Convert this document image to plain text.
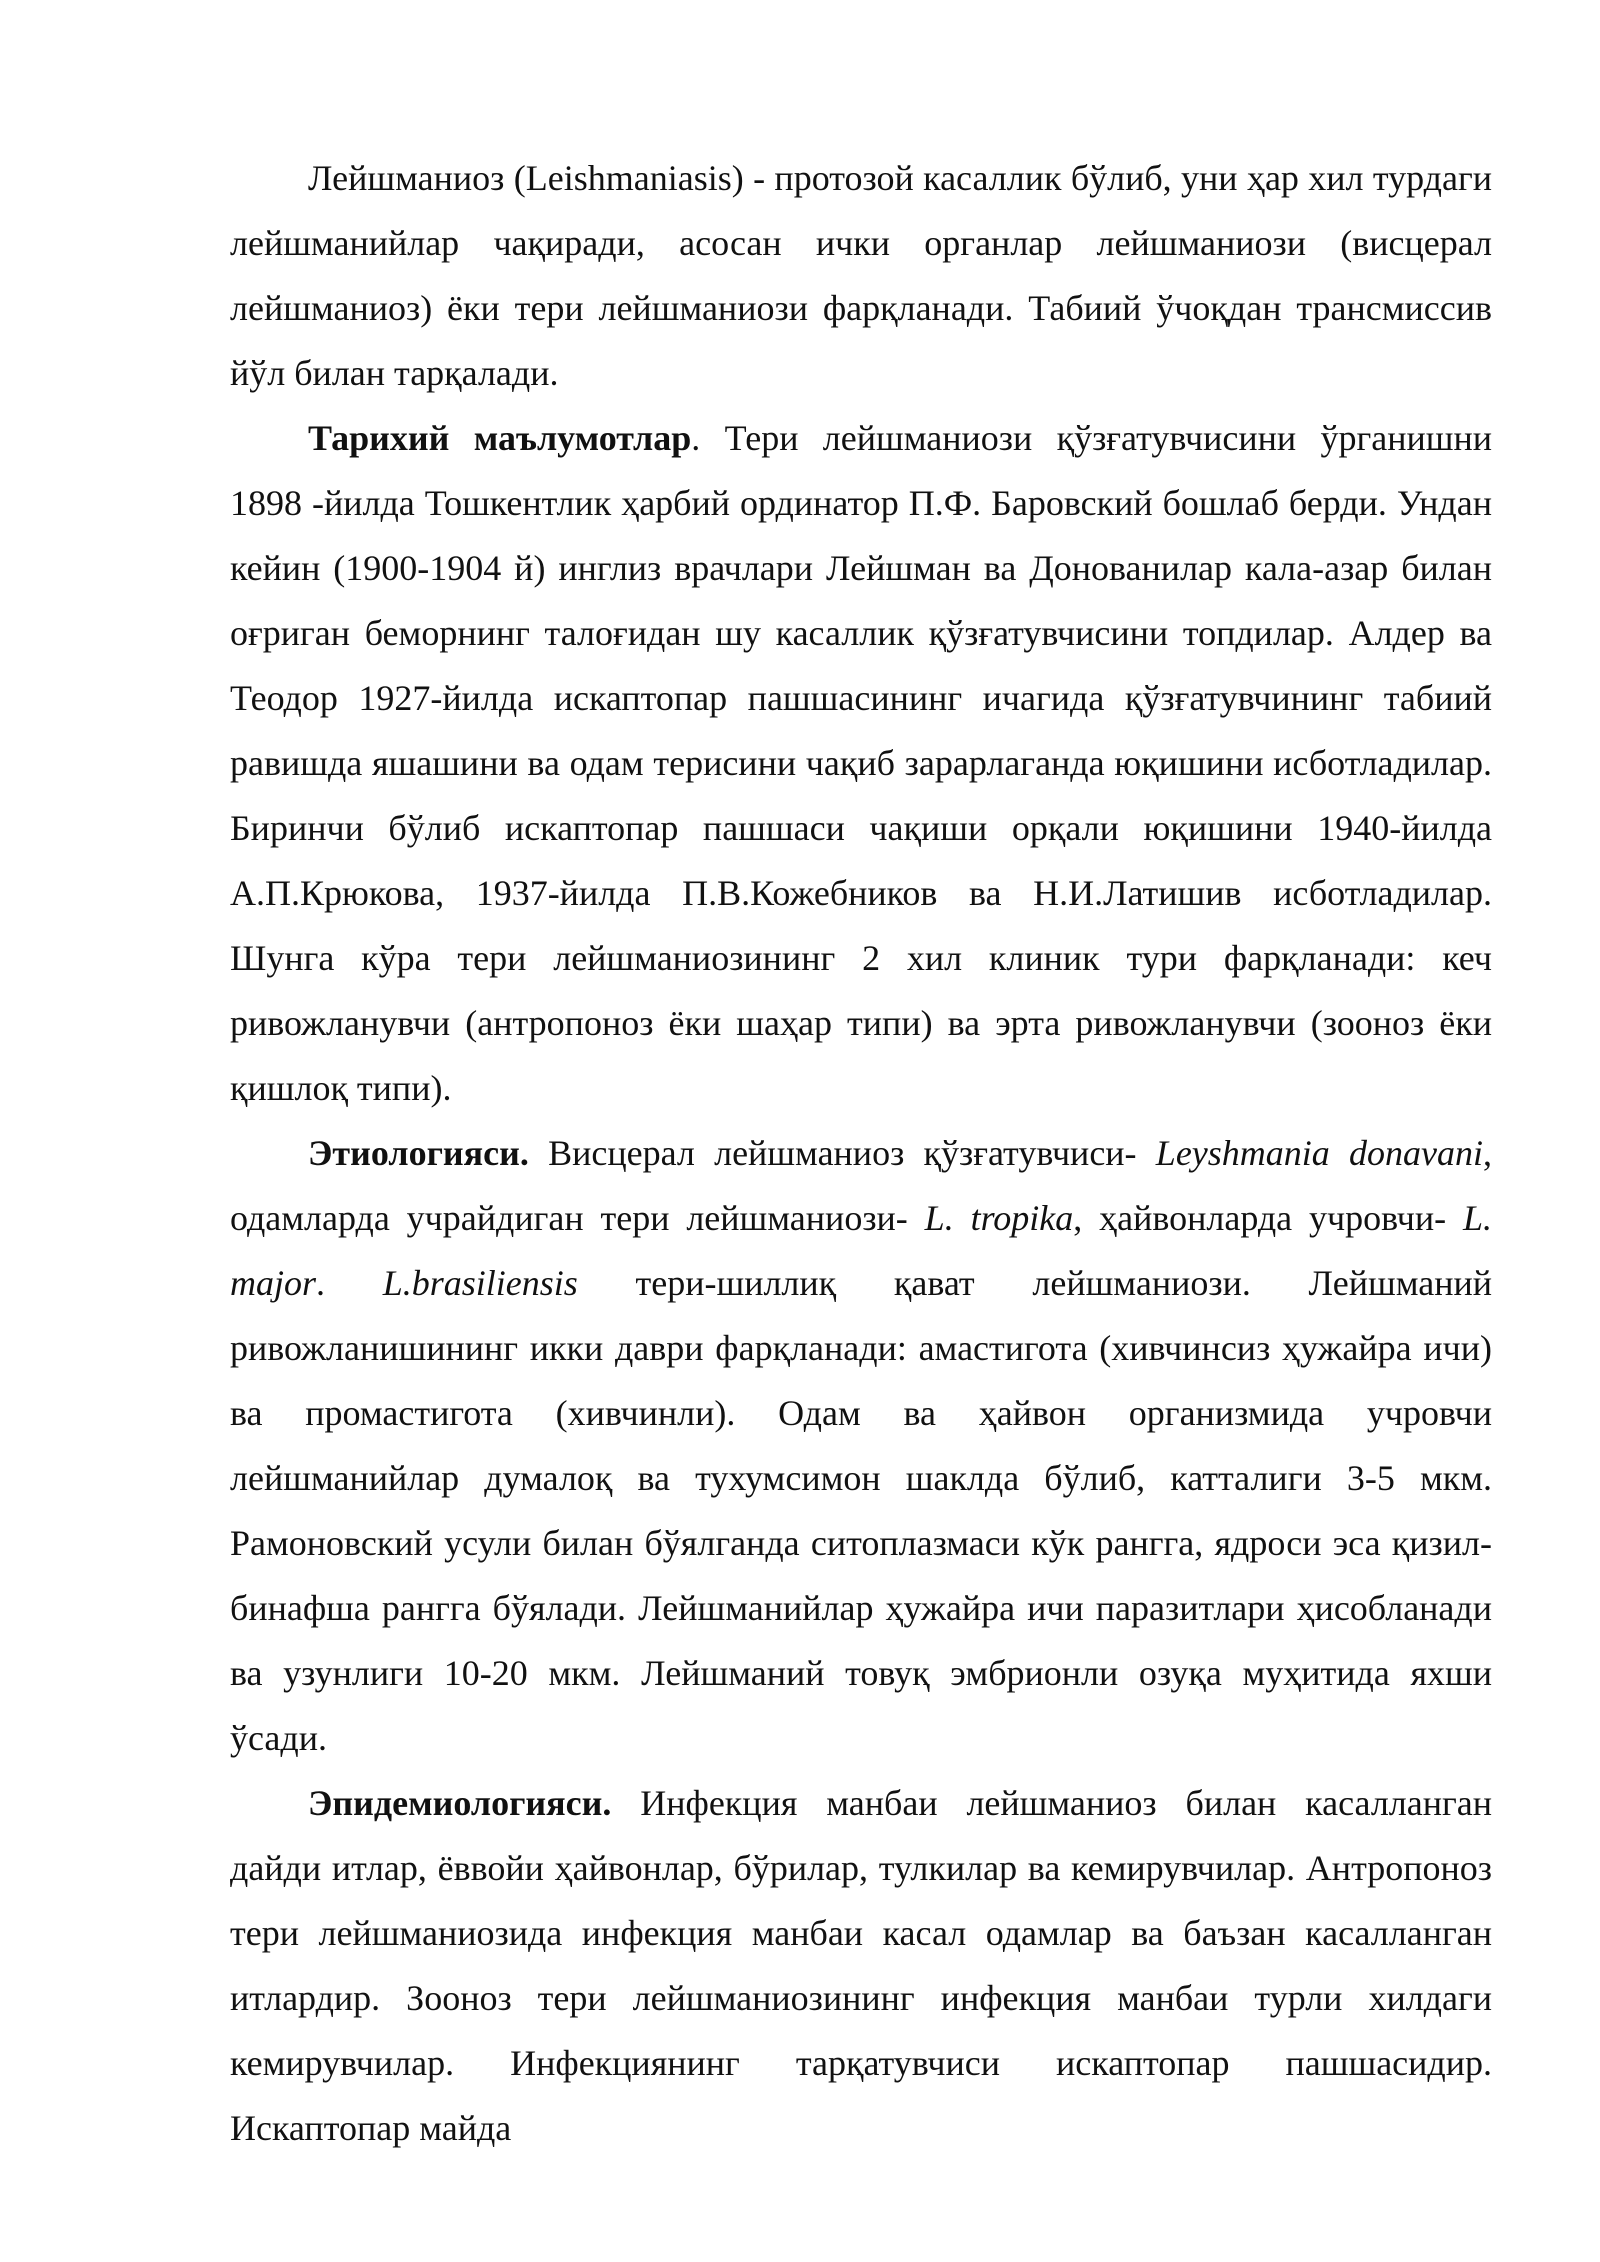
Лейшманиоз (Leishmaniasis) - протозой касаллик бўлиб, уни ҳар хил турдаги лейшманийлар чақиради, асосан ички органлар лейшманиози (висцерал лейшманиоз) ёки тери лейшманиози фарқланади. Табиий ўчоқдан трансмиссив йўл билан тарқалади.

Тарихий маълумотлар. Тери лейшманиози қўзғатувчисини ўрганишни 1898 -йилда Тошкентлик ҳарбий ординатор П.Ф. Баровский бошлаб берди. Ундан кейин (1900-1904 й) инглиз врачлари Лейшман ва Донованилар кала-азар билан оғриган беморнинг талоғидан шу касаллик қўзғатувчисини топдилар. Алдер ва Теодор 1927-йилда искаптопар пашшасининг ичагида қўзғатувчининг табиий равишда яшашини ва одам терисини чақиб зарарлаганда юқишини исботладилар. Биринчи бўлиб искаптопар пашшаси чақиши орқали юқишини 1940-йилда А.П.Крюкова, 1937-йилда П.В.Кожебников ва Н.И.Латишив исботладилар. Шунга кўра тери лейшманиозининг 2 хил клиник тури фарқланади: кеч ривожланувчи (антропоноз ёки шаҳар типи) ва эрта ривожланувчи (зооноз ёки қишлоқ типи).

Этиологияси. Висцерал лейшманиоз қўзғатувчиси- Leyshmania donavani, одамларда учрайдиган тери лейшманиози- L. tropika, ҳайвонларда учровчи- L. major. L.brasiliensis тери-шиллиқ қават лейшманиози. Лейшманий ривожланишининг икки даври фарқланади: амастигота (хивчинсиз ҳужайра ичи) ва промастигота (хивчинли). Одам ва ҳайвон организмида учровчи лейшманийлар думалоқ ва тухумсимон шаклда бўлиб, катталиги 3-5 мкм. Рамоновский усули билан бўялганда ситоплазмаси кўк рангга, ядроси эса қизил-бинафша рангга бўялади. Лейшманийлар ҳужайра ичи паразитлари ҳисобланади ва узунлиги 10-20 мкм. Лейшманий товуқ эмбрионли озуқа муҳитида яхши ўсади.

Эпидемиологияси. Инфекция манбаи лейшманиоз билан касалланган дайди итлар, ёввойи ҳайвонлар, бўрилар, тулкилар ва кемирувчилар. Антропоноз тери лейшманиозида инфекция манбаи касал одамлар ва баъзан касалланган итлардир. Зооноз тери лейшманиозининг инфекция манбаи турли хилдаги кемирувчилар. Инфекциянинг тарқатувчиси искаптопар пашшасидир. Искаптопар майда
